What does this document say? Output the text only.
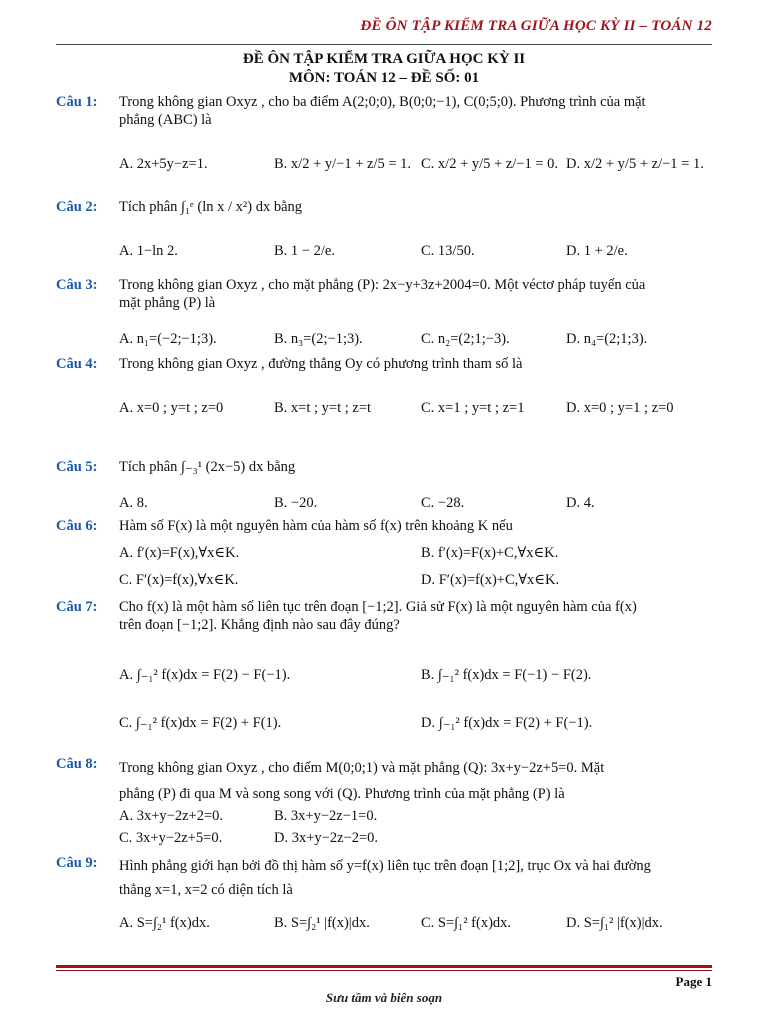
ĐỀ ÔN TẬP KIỂM TRA GIỮA HỌC KỲ II – TOÁN 12
ĐỀ ÔN TẬP KIỂM TRA GIỮA HỌC KỲ II
MÔN: TOÁN 12 – ĐỀ SỐ: 01
Câu 1: Trong không gian Oxyz , cho ba điểm A(2;0;0), B(0;0;−1), C(0;5;0). Phương trình của mặt
phẳng (ABC) là
A. 2x+5y−z=1.	B. x/2 + y/−1 + z/5 = 1. C. x/2 + y/5 + z/−1 = 0. D. x/2 + y/5 + z/−1 = 1.
Câu 2: Tích phân ∫₁ᵉ (ln x / x²) dx bằng
A. 1−ln 2.	B. 1 − 2/e.	C. 13/50.	D. 1 + 2/e.
Câu 3: Trong không gian Oxyz , cho mặt phẳng (P): 2x−y+3z+2004=0. Một véctơ pháp tuyến của
mặt phẳng (P) là
A. n₁=(−2;−1;3).	B. n₃=(2;−1;3).	C. n₂=(2;1;−3).	D. n₄=(2;1;3).
Câu 4: Trong không gian Oxyz , đường thẳng Oy có phương trình tham số là
A. x=0 ; y=t ; z=0	B. x=t ; y=t ; z=t	C. x=1 ; y=t ; z=1	D. x=0 ; y=1 ; z=0
Câu 5: Tích phân ∫₋₃¹ (2x−5) dx bằng
A. 8.	B. −20.	C. −28.	D. 4.
Câu 6: Hàm số F(x) là một nguyên hàm của hàm số f(x) trên khoảng K nếu
A. f′(x)=F(x),∀x∈K.	B. f′(x)=F(x)+C,∀x∈K.
C. F′(x)=f(x),∀x∈K.	D. F′(x)=f(x)+C,∀x∈K.
Câu 7: Cho f(x) là một hàm số liên tục trên đoạn [−1;2]. Giả sử F(x) là một nguyên hàm của f(x)
trên đoạn [−1;2]. Khẳng định nào sau đây đúng?
A. ∫₋₁² f(x)dx = F(2) − F(−1).	B. ∫₋₁² f(x)dx = F(−1) − F(2).
C. ∫₋₁² f(x)dx = F(2) + F(1).	D. ∫₋₁² f(x)dx = F(2) + F(−1).
Câu 8: Trong không gian Oxyz , cho điểm M(0;0;1) và mặt phẳng (Q): 3x+y−2z+5=0. Mặt
phẳng (P) đi qua M và song song với (Q). Phương trình của mặt phẳng (P) là
A. 3x+y−2z+2=0.	B. 3x+y−2z−1=0.
C. 3x+y−2z+5=0.	D. 3x+y−2z−2=0.
Câu 9: Hình phẳng giới hạn bởi đồ thị hàm số y=f(x) liên tục trên đoạn [1;2], trục Ox và hai đường
thẳng x=1, x=2 có diện tích là
A. S=∫₂¹ f(x)dx.	B. S=∫₂¹ |f(x)|dx.	C. S=∫₁² f(x)dx.	D. S=∫₁² |f(x)|dx.
Page 1
Sưu tầm và biên soạn
